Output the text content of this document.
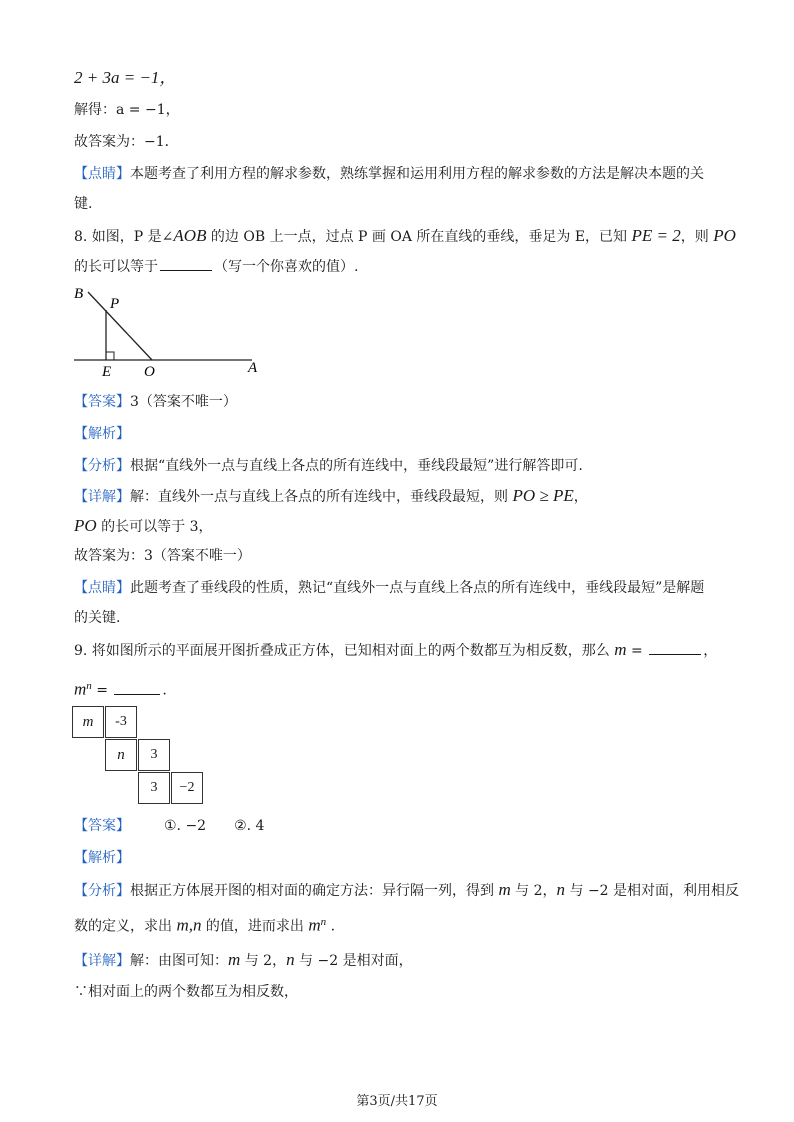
2 + 3a = −1，
解得：a = −1，
故答案为：−1．
【点睛】本题考查了利用方程的解求参数，熟练掌握和运用利用方程的解求参数的方法是解决本题的关
键.
8. 如图，P 是∠AOB 的边 OB 上一点，过点 P 画 OA 所在直线的垂线，垂足为 E，已知 PE = 2，则 PO
的长可以等于	（写一个你喜欢的值）.
B
P
E O	A
【答案】3（答案不唯一）
【解析】
【分析】根据“直线外一点与直线上各点的所有连线中，垂线段最短”进行解答即可.
【详解】解：直线外一点与直线上各点的所有连线中，垂线段最短，则 PO ≥ PE，
PO 的长可以等于 3，
故答案为：3（答案不唯一）
【点睛】此题考查了垂线段的性质，熟记“直线外一点与直线上各点的所有连线中，垂线段最短”是解题
的关键.
9. 将如图所示的平面展开图折叠成正方体，已知相对面上的两个数都互为相反数，那么 m =	，
$m^n$ =	.
m	-3
n	3
3	−2
【答案】 ①. −2 ②. 4
【解析】
【分析】根据正方体展开图的相对面的确定方法：异行隔一列，得到 m 与 2，n 与 −2 是相对面，利用相反
数的定义，求出 m,n 的值，进而求出 $m^n$ .
【详解】解：由图可知：m 与 2，n 与 −2 是相对面，
∵相对面上的两个数都互为相反数，
第3页/共17页
